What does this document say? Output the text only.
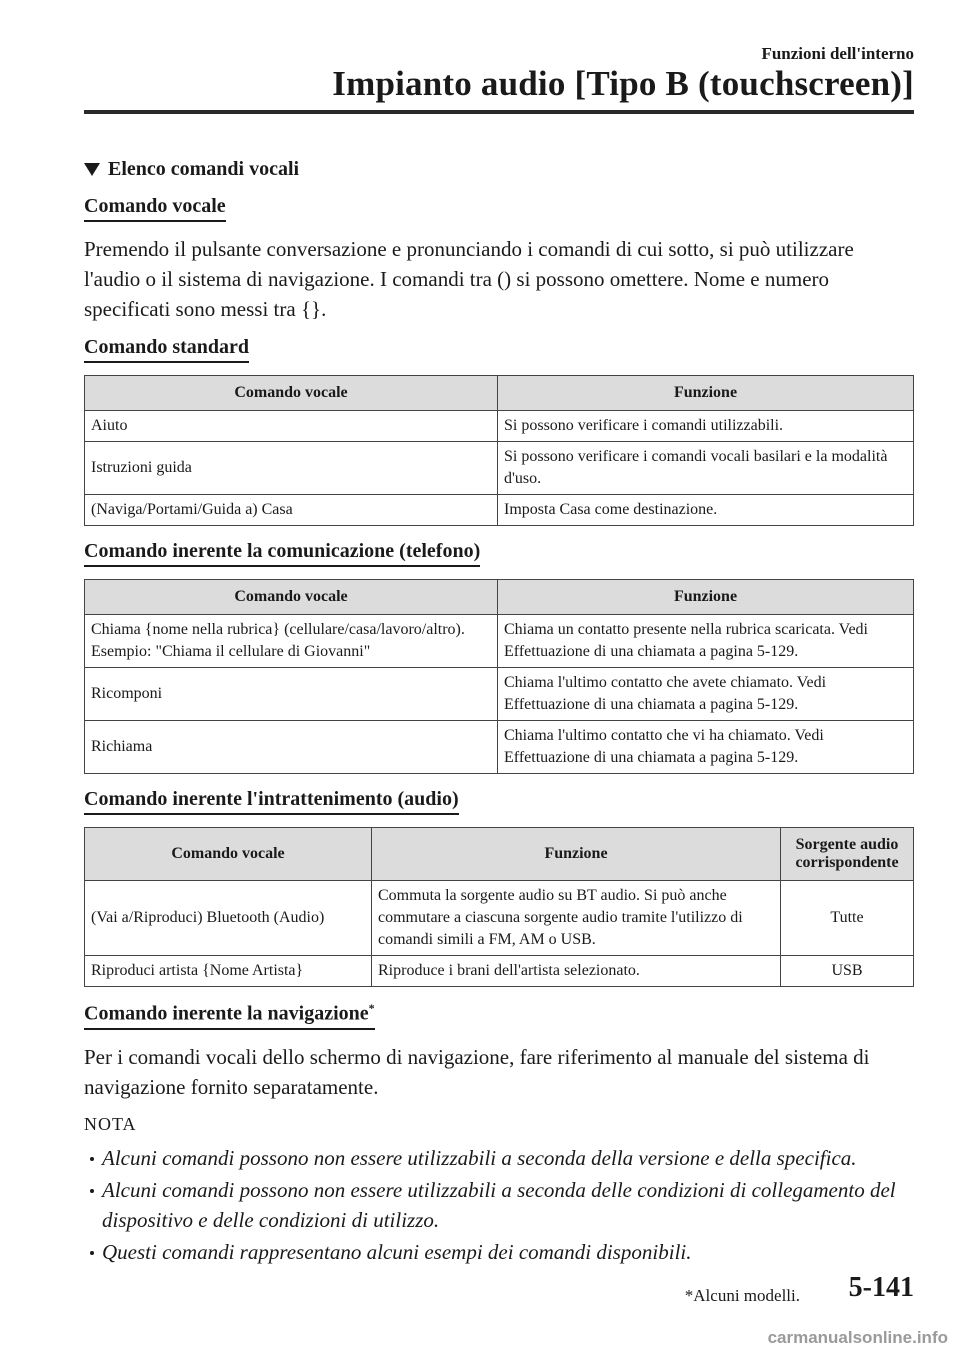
Funzioni dell'interno
Impianto audio [Tipo B (touchscreen)]
Elenco comandi vocali
Comando vocale

Premendo il pulsante conversazione e pronunciando i comandi di cui sotto, si può utilizzare l'audio o il sistema di navigazione. I comandi tra () si possono omettere. Nome e numero specificati sono messi tra {}.

Comando standard
Comando vocale	Funzione
Aiuto	Si possono verificare i comandi utilizzabili.
Istruzioni guida	Si possono verificare i comandi vocali basilari e la modalità d'uso.
(Naviga/Portami/Guida a) Casa	Imposta Casa come destinazione.
Comando inerente la comunicazione (telefono)
Comando vocale	Funzione
Chiama {nome nella rubrica} (cellulare/casa/lavoro/altro). Esempio: "Chiama il cellulare di Giovanni"	Chiama un contatto presente nella rubrica scaricata. Vedi Effettuazione di una chiamata a pagina 5-129.
Ricomponi	Chiama l'ultimo contatto che avete chiamato. Vedi Effettuazione di una chiamata a pagina 5-129.
Richiama	Chiama l'ultimo contatto che vi ha chiamato. Vedi Effettuazione di una chiamata a pagina 5-129.
Comando inerente l'intrattenimento (audio)
Comando vocale	Funzione	Sorgente audio corrispondente
(Vai a/Riproduci) Bluetooth (Audio)	Commuta la sorgente audio su BT audio. Si può anche commutare a ciascuna sorgente audio tramite l'utilizzo di comandi simili a FM, AM o USB.	Tutte
Riproduci artista {Nome Artista}	Riproduce i brani dell'artista selezionato.	USB
Comando inerente la navigazione*

Per i comandi vocali dello schermo di navigazione, fare riferimento al manuale del sistema di navigazione fornito separatamente.

NOTA
Alcuni comandi possono non essere utilizzabili a seconda della versione e della specifica.
Alcuni comandi possono non essere utilizzabili a seconda delle condizioni di collegamento del dispositivo e delle condizioni di utilizzo.
Questi comandi rappresentano alcuni esempi dei comandi disponibili.
*Alcuni modelli. 5-141
carmanualsonline.info
